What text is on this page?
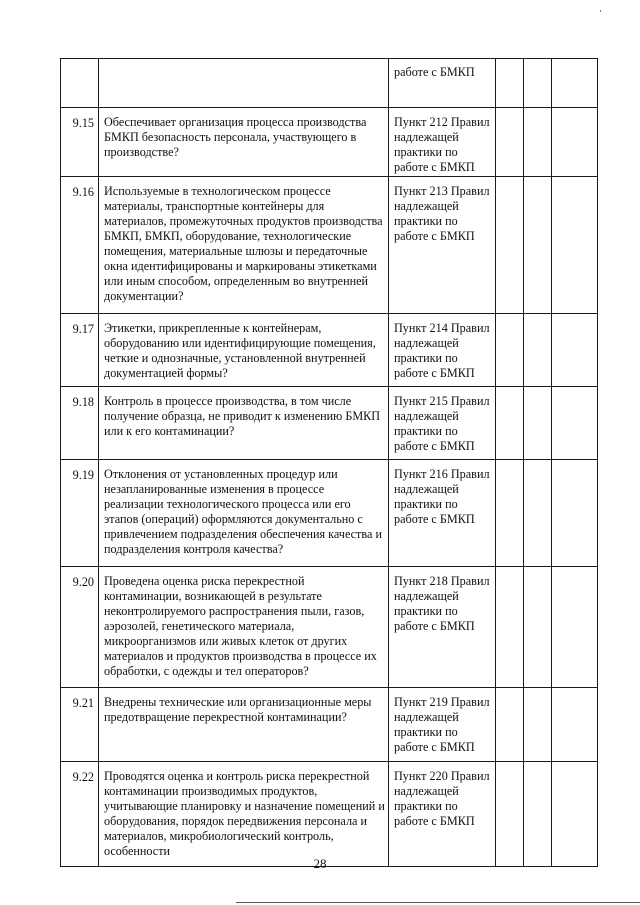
		работе с БМКП			
9.15	Обеспечивает организация процесса производства БМКП безопасность персонала, участвующего в производстве?	Пункт 212 Правил надлежащей практики по работе с БМКП			
9.16	Используемые в технологическом процессе материалы, транспортные контейнеры для материалов, промежуточных продуктов производства БМКП, БМКП, оборудование, технологические помещения, материальные шлюзы и передаточные окна идентифицированы и маркированы этикетками или иным способом, определенным во внутренней документации?	Пункт 213 Правил надлежащей практики по работе с БМКП			
9.17	Этикетки, прикрепленные к контейнерам, оборудованию или идентифицирующие помещения, четкие и однозначные, установленной внутренней документацией формы?	Пункт 214 Правил надлежащей практики по работе с БМКП			
9.18	Контроль в процессе производства, в том числе получение образца, не приводит к изменению БМКП или к его контаминации?	Пункт 215 Правил надлежащей практики по работе с БМКП			
9.19	Отклонения от установленных процедур или незапланированные изменения в процессе реализации технологического процесса или его этапов (операций) оформляются документально с привлечением подразделения обеспечения качества и подразделения контроля качества?	Пункт 216 Правил надлежащей практики по работе с БМКП			
9.20	Проведена оценка риска перекрестной контаминации, возникающей в результате неконтролируемого распространения пыли, газов, аэрозолей, генетического материала, микроорганизмов или живых клеток от других материалов и продуктов производства в процессе их обработки, с одежды и тел операторов?	Пункт 218 Правил надлежащей практики по работе с БМКП			
9.21	Внедрены технические или организационные меры предотвращение перекрестной контаминации?	Пункт 219 Правил надлежащей практики по работе с БМКП			
9.22	Проводятся оценка и контроль риска перекрестной контаминации производимых продуктов, учитывающие планировку и назначение помещений и оборудования, порядок передвижения персонала и материалов, микробиологический контроль, особенности	Пункт 220 Правил надлежащей практики по работе с БМКП			
28
